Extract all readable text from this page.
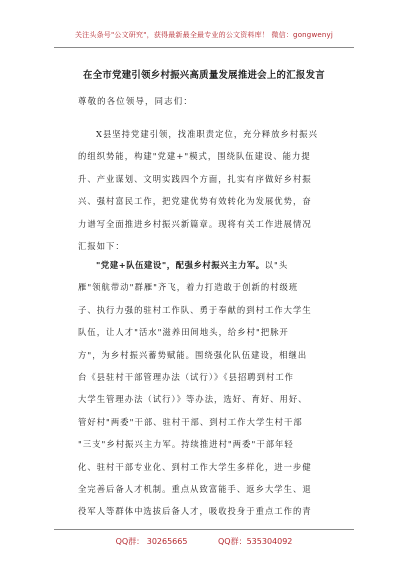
关注头条号"公文研究"，获得最新最全最专业的公文资料库！ 微信：gongwenyj
在全市党建引领乡村振兴高质量发展推进会上的汇报发言
尊敬的各位领导，同志们：
X县坚持党建引领，找准职责定位，充分释放乡村振兴
的组织势能，构建"党建+"模式，围绕队伍建设、能力提
升、产业谋划、文明实践四个方面，扎实有序做好乡村振
兴、强村富民工作，把党建优势有效转化为发展优势，奋
力谱写全面推进乡村振兴新篇章。现将有关工作进展情况
汇报如下：
"党建+队伍建设"，配强乡村振兴主力军。以"头
雁"领航带动"群雁"齐飞，着力打造敢于创新的村级班
子、执行力强的驻村工作队、勇于奉献的到村工作大学生
队伍，让人才"活水"滋养田间地头，给乡村"把脉开
方"，为乡村振兴蓄势赋能。围绕强化队伍建设，相继出
台《县驻村干部管理办法（试行）》《县招聘到村工作
大学生管理办法（试行）》等办法，选好、育好、用好、
管好村"两委"干部、驻村干部、到村工作大学生村干部
"三支"乡村振兴主力军。持续推进村"两委"干部年轻
化、驻村干部专业化、到村工作大学生多样化，进一步健
全完善后备人才机制。重点从致富能手、返乡大学生、退
役军人等群体中选拔后备人才，吸收投身于重点工作的青
QQ群： 30265665	QQ群：535304092
